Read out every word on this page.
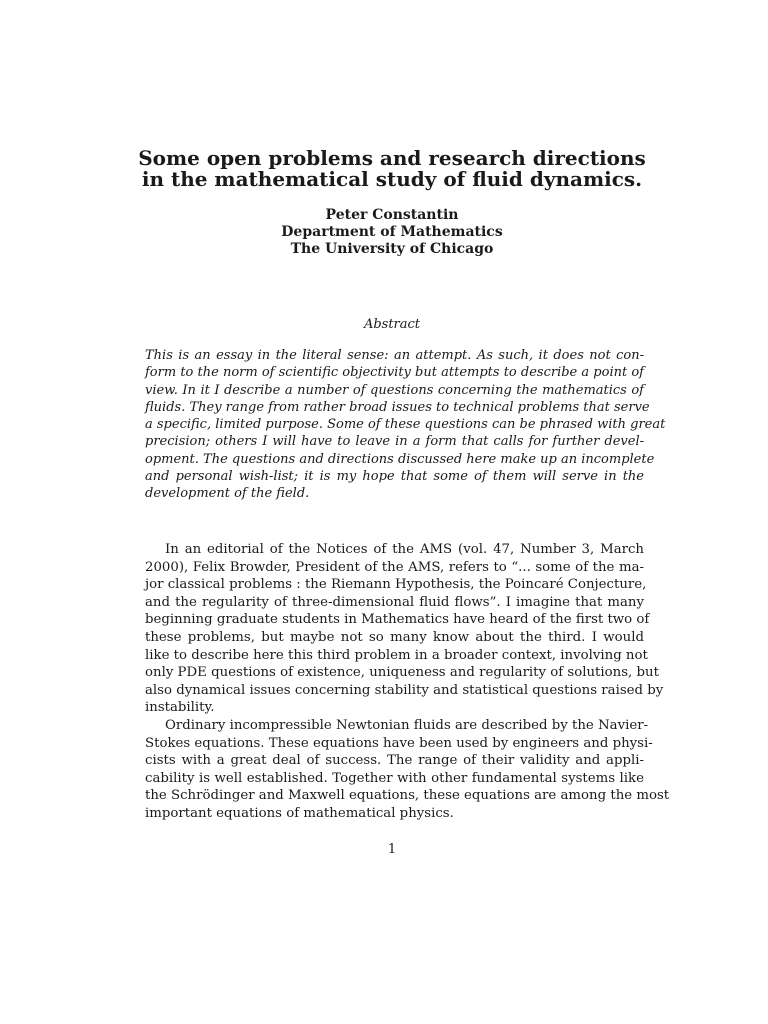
Some open problems and research directions
in the mathematical study of fluid dynamics.
Peter Constantin
Department of Mathematics
The University of Chicago
Abstract
This is an essay in the literal sense: an attempt. As such, it does not con-
form to the norm of scientific objectivity but attempts to describe a point of
view. In it I describe a number of questions concerning the mathematics of
fluids. They range from rather broad issues to technical problems that serve
a specific, limited purpose. Some of these questions can be phrased with great
precision; others I will have to leave in a form that calls for further devel-
opment. The questions and directions discussed here make up an incomplete
and personal wish-list; it is my hope that some of them will serve in the
development of the field.
In an editorial of the Notices of the AMS (vol. 47, Number 3, March
2000), Felix Browder, President of the AMS, refers to “... some of the ma-
jor classical problems : the Riemann Hypothesis, the Poincaré Conjecture,
and the regularity of three-dimensional fluid flows”. I imagine that many
beginning graduate students in Mathematics have heard of the first two of
these problems, but maybe not so many know about the third. I would
like to describe here this third problem in a broader context, involving not
only PDE questions of existence, uniqueness and regularity of solutions, but
also dynamical issues concerning stability and statistical questions raised by
instability.
Ordinary incompressible Newtonian fluids are described by the Navier-
Stokes equations. These equations have been used by engineers and physi-
cists with a great deal of success. The range of their validity and appli-
cability is well established. Together with other fundamental systems like
the Schrödinger and Maxwell equations, these equations are among the most
important equations of mathematical physics.
1
